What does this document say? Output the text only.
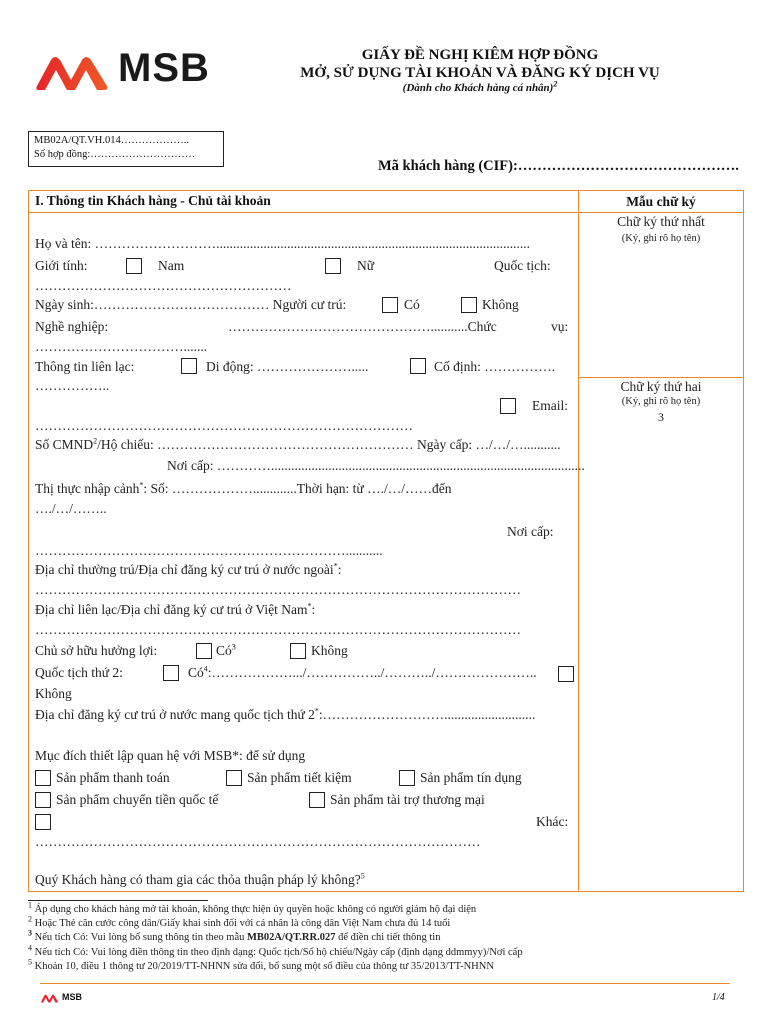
MSB	GIẤY ĐỀ NGHỊ KIÊM HỢP ĐỒNG
MỞ, SỬ DỤNG TÀI KHOẢN VÀ ĐĂNG KÝ DỊCH VỤ
(Dành cho Khách hàng cá nhân)$^2$
MB02A/QT.VH.014………………..
Số hợp đồng:…………………………
Mã khách hàng (CIF):……………………………………….
I. Thông tin Khách hàng - Chủ tài khoản	Mẫu chữ ký
Chữ ký thứ nhất
(Ký, ghi rõ họ tên)
Chữ ký thứ hai
(Ký, ghi rõ họ tên)
3
Họ và tên: ……………………….............................................................................................
Giới tính:	Nam	Nữ	Quốc tịch:
…………………………………………………
Ngày sinh:………………………………… Người cư trú:	Có	Không
Nghề nghiệp:	………………………………………...........Chức	vụ:
…………………………….......
Thông tin liên lạc:	Di động: ………………….....	Cố định: …………….
……………..
Email:
…………………………………………………………………………
Số CMND$^2$/Hộ chiếu: ………………………………………………… Ngày cấp: …/…/…...........
Nơi cấp: ………….............................................................................................
Thị thực nhập cảnh*: Số: ……………….............Thời hạn: từ …./…/……đến
…./…/……..
Nơi cấp:
……………………………………………………………...........
Địa chỉ thường trú/Địa chỉ đăng ký cư trú ở nước ngoài*:
………………………………………………………………………………………………
Địa chỉ liên lạc/Địa chỉ đăng ký cư trú ở Việt Nam*:
………………………………………………………………………………………………
Chủ sở hữu hưởng lợi:	$Có^3$	Không
Quốc tịch thứ 2:	$Có^4:\dots\dots\dots\dots\dots\dots.../\dots\dots\dots\dots\dots../\dots\dots\dots../\dots\dots\dots\dots\dots\dots\dots$..
Không
Địa chỉ đăng ký cư trú ở nước mang quốc tịch thứ 2*:………………………...........................
Mục đích thiết lập quan hệ với MSB*: để sử dụng
Sản phẩm thanh toán	Sản phẩm tiết kiệm	Sản phẩm tín dụng
Sản phẩm chuyển tiền quốc tế	Sản phẩm tài trợ thương mại
Khác:
………………………………………………………………………………………
Quý Khách hàng có tham gia các thỏa thuận pháp lý không?$^5$
$^1$ Áp dụng cho khách hàng mở tài khoản, không thực hiện ủy quyền hoặc không có người giám hộ đại diện
$^2$ Hoặc Thẻ căn cước công dân/Giấy khai sinh đối với cá nhân là công dân Việt Nam chưa đủ 14 tuổi
$^3$ Nếu tích Có: Vui lòng bổ sung thông tin theo mẫu MB02A/QT.RR.027 để điền chi tiết thông tin
$^4$ Nếu tích Có: Vui lòng điền thông tin theo định dạng: Quốc tịch/Số hộ chiếu/Ngày cấp (định dạng ddmmyy)/Nơi cấp
$^5$ Khoản 10, điều 1 thông tư 20/2019/TT-NHNN sửa đổi, bổ sung một số điều của thông tư 35/2013/TT-NHNN
MSB	1/4
